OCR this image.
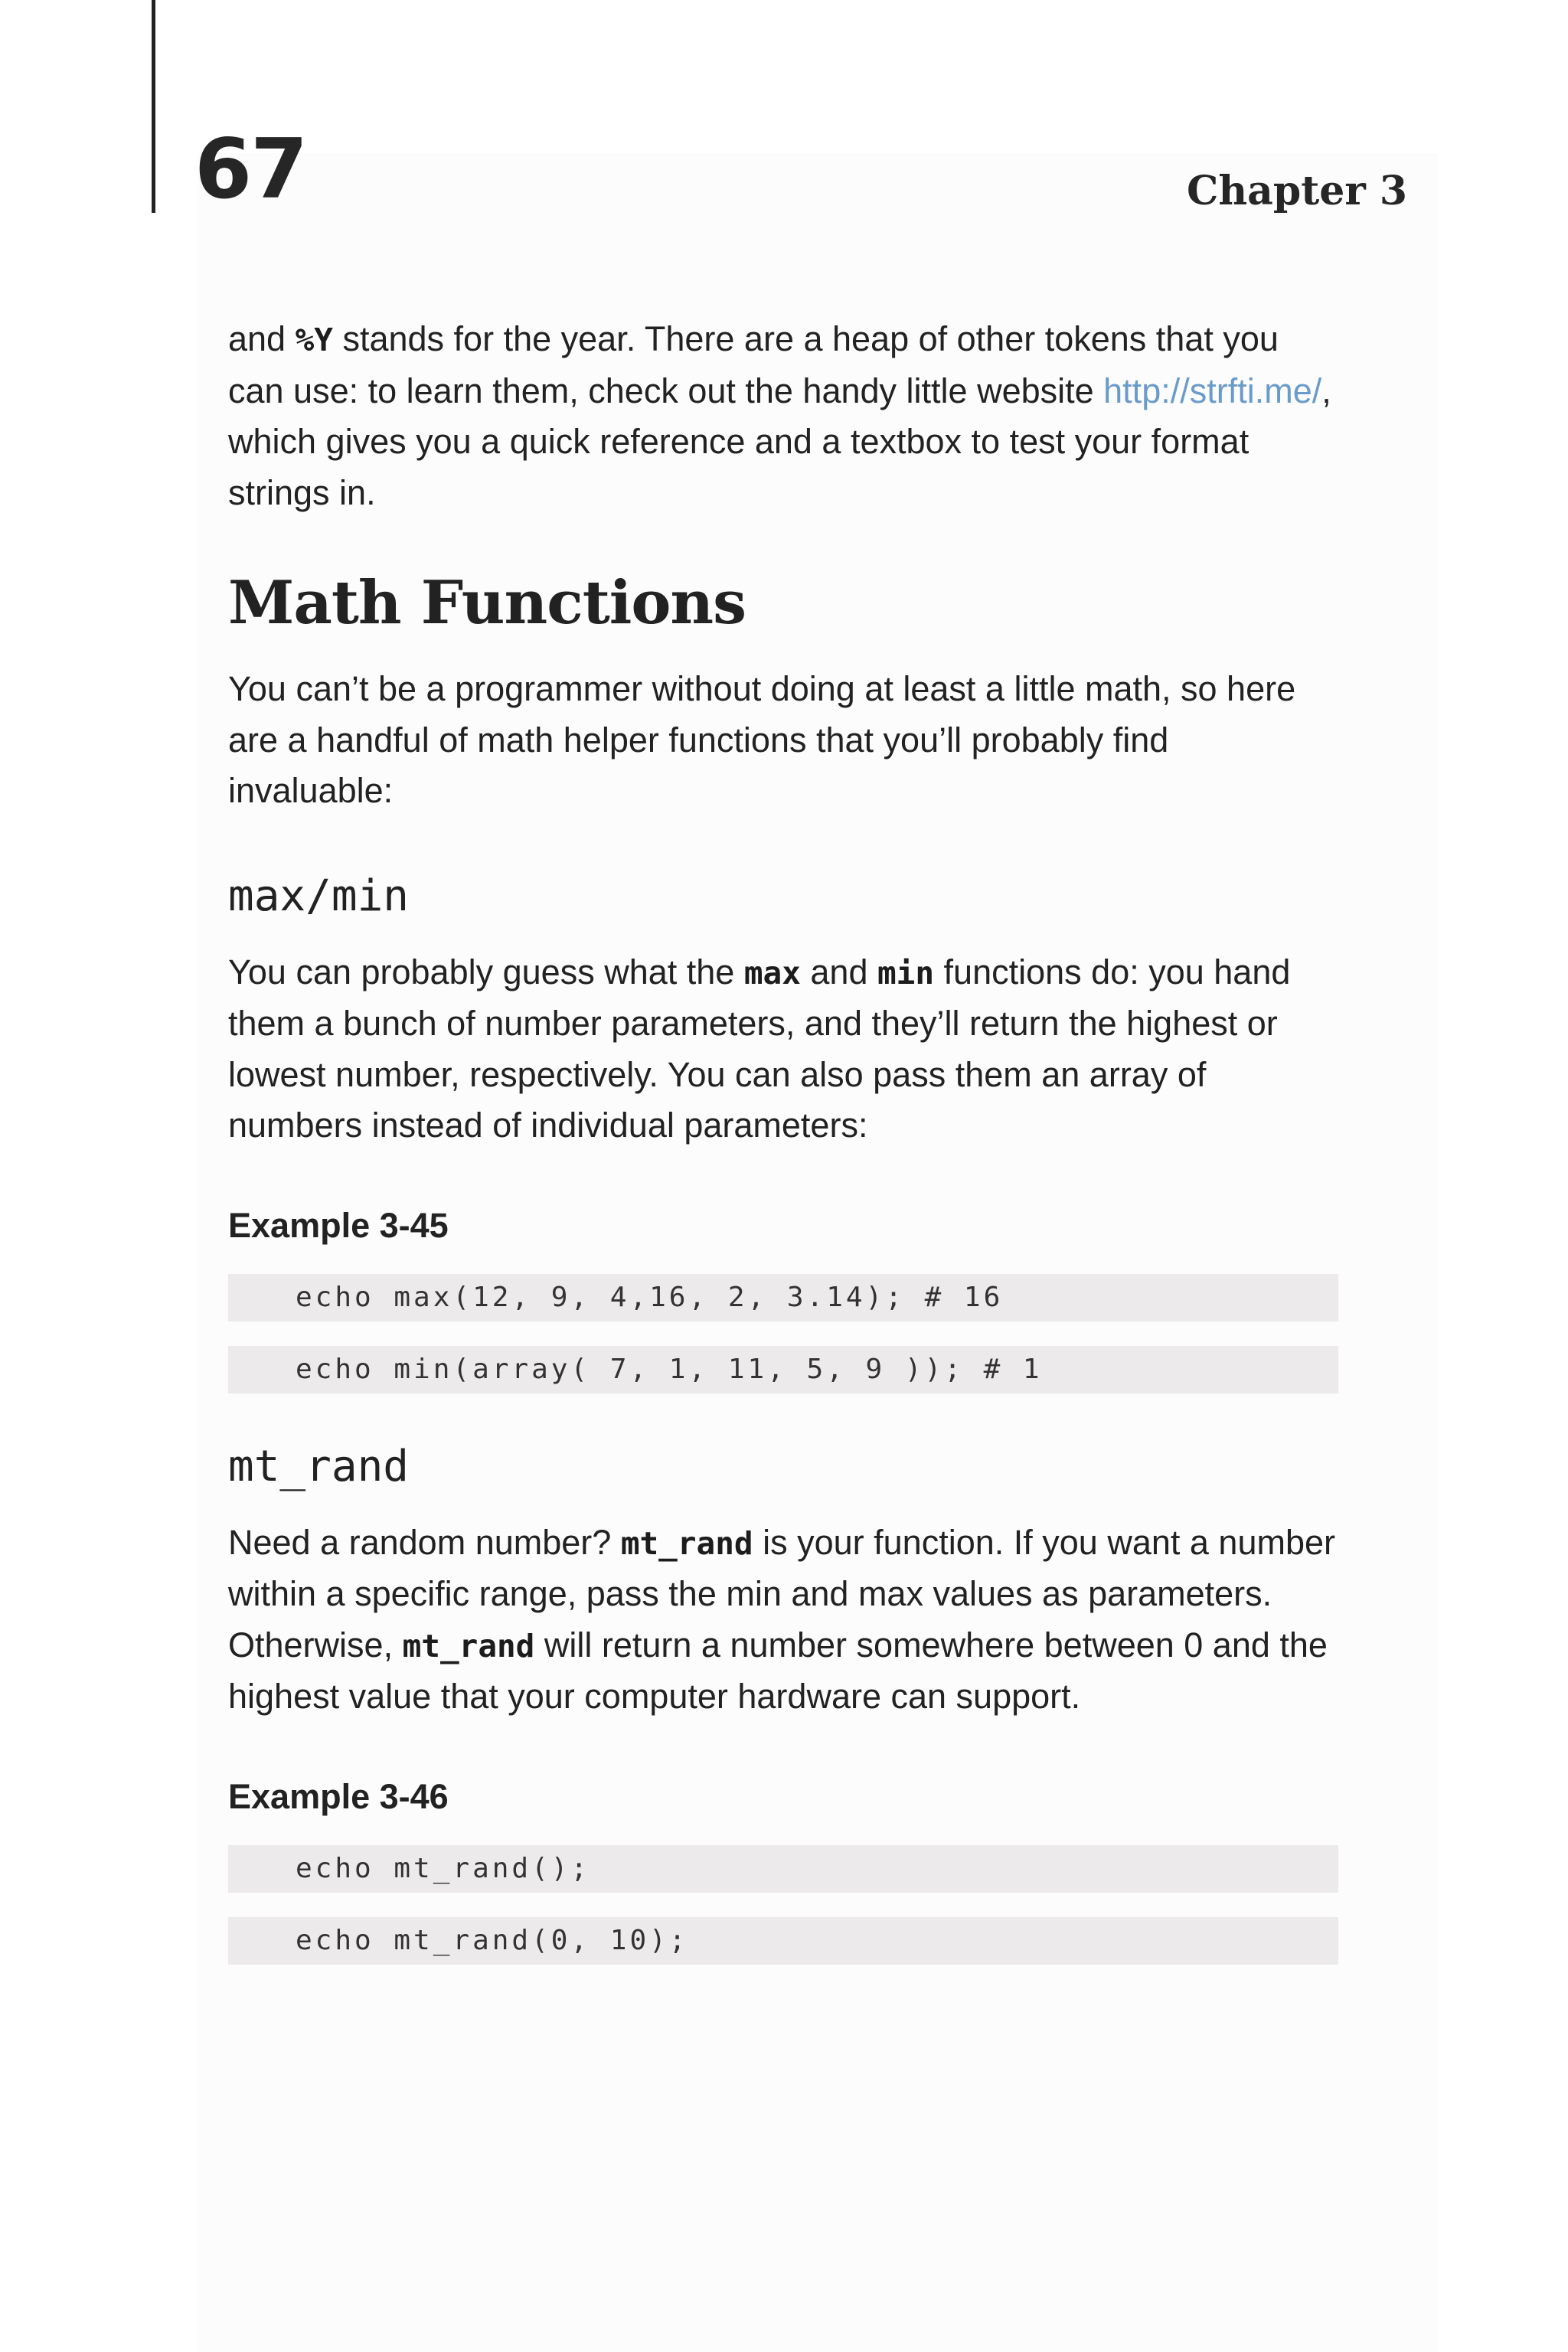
67	Chapter 3

and %Y stands for the year. There are a heap of other tokens that you can use: to learn them, check out the handy little website http://strfti.me/, which gives you a quick reference and a textbox to test your format strings in.

Math Functions

You can’t be a programmer without doing at least a little math, so here are a handful of math helper functions that you’ll probably find invaluable:

max/min

You can probably guess what the max and min functions do: you hand them a bunch of number parameters, and they’ll return the highest or lowest number, respectively. You can also pass them an array of numbers instead of individual parameters:

Example 3-45
echo max(12, 9, 4,16, 2, 3.14); # 16
echo min(array( 7, 1, 11, 5, 9 )); # 1
mt_rand

Need a random number? mt_rand is your function. If you want a number within a specific range, pass the min and max values as parameters. Otherwise, mt_rand will return a number somewhere between 0 and the highest value that your computer hardware can support.

Example 3-46
echo mt_rand();
echo mt_rand(0, 10);
